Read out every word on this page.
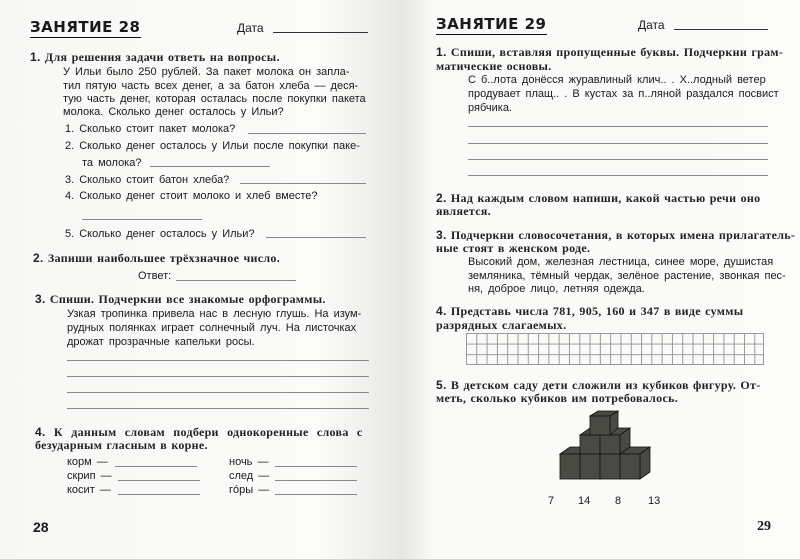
ЗАНЯТИЕ 28	Дата
1. Для решения задачи ответь на вопросы.
У Ильи было 250 рублей. За пакет молока он запла-
тил пятую часть всех денег, а за батон хлеба — деся-
тую часть денег, которая осталась после покупки пакета
молока. Сколько денег осталось у Ильи?
1. Сколько стоит пакет молока?
2. Сколько денег осталось у Ильи после покупки паке-
та молока?
3. Сколько стоит батон хлеба?
4. Сколько денег стоит молоко и хлеб вместе?
5. Сколько денег осталось у Ильи?
2. Запиши наибольшее трёхзначное число.
Ответ:
3. Спиши. Подчеркни все знакомые орфограммы.
Узкая тропинка привела нас в лесную глушь. На изум-
рудных полянках играет солнечный луч. На листочках
дрожат прозрачные капельки росы.
4. К данным словам подбери однокоренные слова с
безударным гласным в корне.
корм —
скрип —
косит —
ночь —
след —
гóры —
28
ЗАНЯТИЕ 29	Дата
1. Спиши, вставляя пропущенные буквы. Подчеркни грам-
матические основы.
С б..лота донёсся журавлиный клич.. . Х..лодный ветер
продувает плащ.. . В кустах за п..ляной раздался посвист
рябчика.
2. Над каждым словом напиши, какой частью речи оно
является.
3. Подчеркни словосочетания, в которых имена прилагатель-
ные стоят в женском роде.
Высокий дом, железная лестница, синее море, душистая
земляника, тёмный чердак, зелёное растение, звонкая пес-
ня, доброе лицо, летняя одежда.
4. Представь числа 781, 905, 160 и 347 в виде суммы
разрядных слагаемых.
5. В детском саду дети сложили из кубиков фигуру. От-
меть, сколько кубиков им потребовалось.
7 14 8 13
29
